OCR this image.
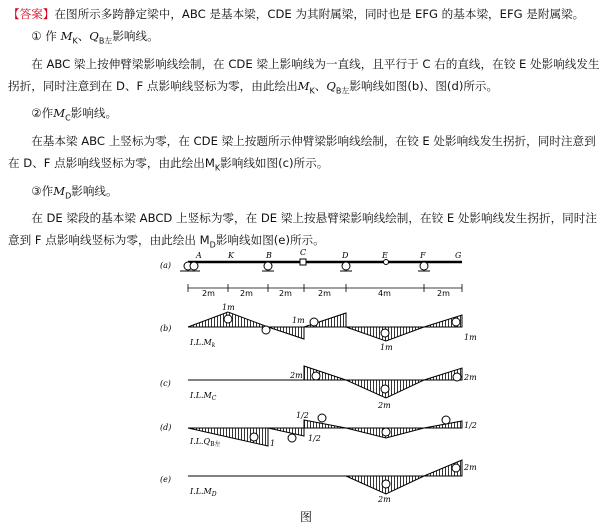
【答案】在图所示多跨静定梁中，ABC 是基本梁，CDE 为其附属梁，同时也是 EFG 的基本梁，EFG 是附属梁。

① 作 $M_K$、$Q_{B左}$影响线。

在 ABC 梁上按伸臂梁影响线绘制，在 CDE 梁上影响线为一直线，且平行于 C 右的直线，在铰 E 处影响线发生拐折，同时注意到在 D、F 点影响线竖标为零，由此绘出$M_K$、$Q_{B左}$影响线如图(b)、图(d)所示。

②作$M_C$影响线。

在基本梁 ABC 上竖标为零，在 CDE 梁上按题所示伸臂梁影响线绘制，在铰 E 处影响线发生拐折，同时注意到在 D、F 点影响线竖标为零，由此绘出$M_K$影响线如图(c)所示。

③作$M_D$影响线。

在 DE 梁段的基本梁 ABCD 上竖标为零，在 DE 梁上按悬臂梁影响线绘制，在铰 E 处影响线发生拐折，同时注意到 F 点影响线竖标为零，由此绘出 $M_D$影响线如图(e)所示。

(a)
A	K	B	C	D	E	F	G
2m	2m	2m	2m	4m	2m
(b)
1m
1m
1m
1m
$I.L.M_k$
(c)
2m
2m
2m
$I.L.M_C$
(d)
1
1/2
1/2
1/2
$I.L.Q_{B左}$
(e)
2m
2m
$I.L.M_D$
图
